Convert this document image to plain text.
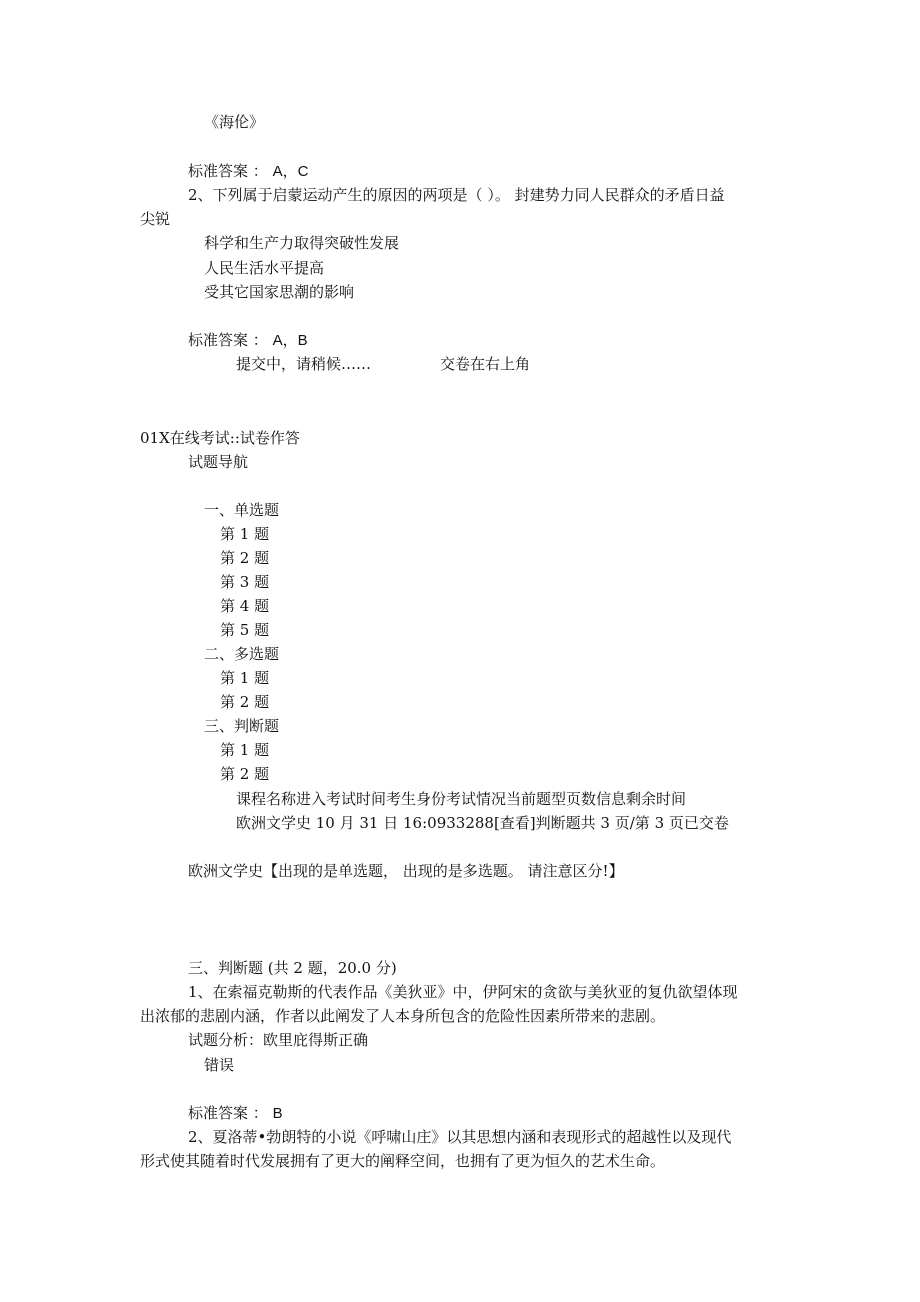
《海伦》
标准答案 ： A，C
2、下列属于启蒙运动产生的原因的两项是（ ）。 封建势力同人民群众的矛盾日益
尖锐
科学和生产力取得突破性发展
人民生活水平提高
受其它国家思潮的影响
标准答案 ： A，B
提交中，请稍候……	交卷在右上角
01X在线考试::试卷作答
试题导航
一、单选题
第 1 题
第 2 题
第 3 题
第 4 题
第 5 题
二、多选题
第 1 题
第 2 题
三、判断题
第 1 题
第 2 题
课程名称进入考试时间考生身份考试情况当前题型页数信息剩余时间
欧洲文学史 10 月 31 日 16:0933288[查看]判断题共 3 页/第 3 页已交卷
欧洲文学史【出现的是单选题， 出现的是多选题。 请注意区分!】
三、判断题 (共 2 题，20.0 分)
1、在索福克勒斯的代表作品《美狄亚》中，伊阿宋的贪欲与美狄亚的复仇欲望体现
出浓郁的悲剧内涵，作者以此阐发了人本身所包含的危险性因素所带来的悲剧。
试题分析：欧里庇得斯正确
错误
标准答案 ： B
2、夏洛蒂•勃朗特的小说《呼啸山庄》以其思想内涵和表现形式的超越性以及现代
形式使其随着时代发展拥有了更大的阐释空间，也拥有了更为恒久的艺术生命。
